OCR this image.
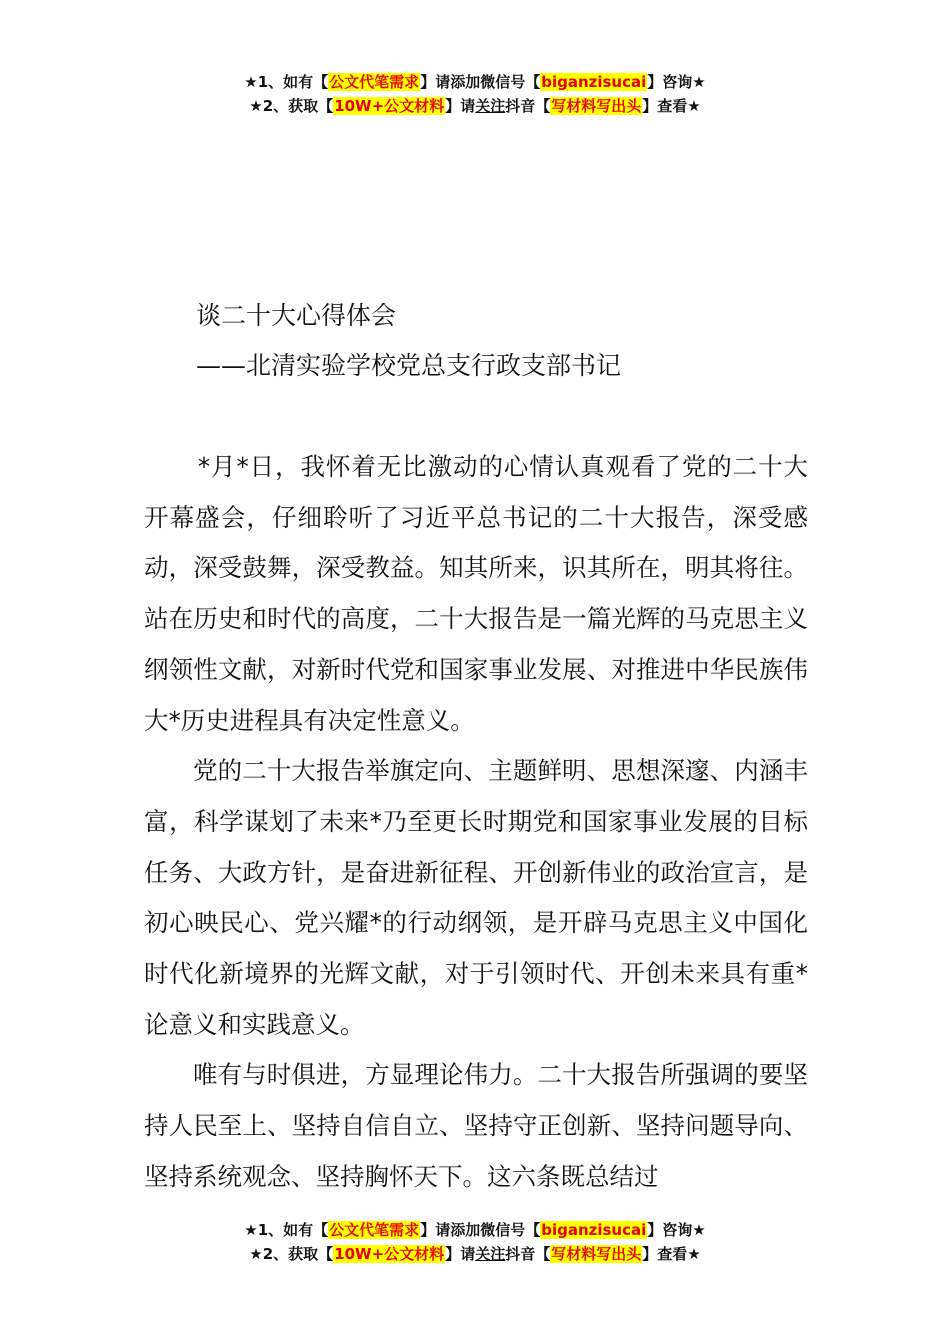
★1、如有【公文代笔需求】请添加微信号【biganzisucai】咨询★
★2、获取【10W+公文材料】请关注抖音【写材料写出头】查看★
谈二十大心得体会
——北清实验学校党总支行政支部书记

*月*日，我怀着无比激动的心情认真观看了党的二十大开幕盛会，仔细聆听了习近平总书记的二十大报告，深受感动，深受鼓舞，深受教益。知其所来，识其所在，明其将往。站在历史和时代的高度，二十大报告是一篇光辉的马克思主义纲领性文献，对新时代党和国家事业发展、对推进中华民族伟大*历史进程具有决定性意义。

党的二十大报告举旗定向、主题鲜明、思想深邃、内涵丰富，科学谋划了未来*乃至更长时期党和国家事业发展的目标任务、大政方针，是奋进新征程、开创新伟业的政治宣言，是初心映民心、党兴耀*的行动纲领，是开辟马克思主义中国化时代化新境界的光辉文献，对于引领时代、开创未来具有重*论意义和实践意义。

唯有与时俱进，方显理论伟力。二十大报告所强调的要坚持人民至上、坚持自信自立、坚持守正创新、坚持问题导向、坚持系统观念、坚持胸怀天下。这六条既总结过

★1、如有【公文代笔需求】请添加微信号【biganzisucai】咨询★
★2、获取【10W+公文材料】请关注抖音【写材料写出头】查看★
